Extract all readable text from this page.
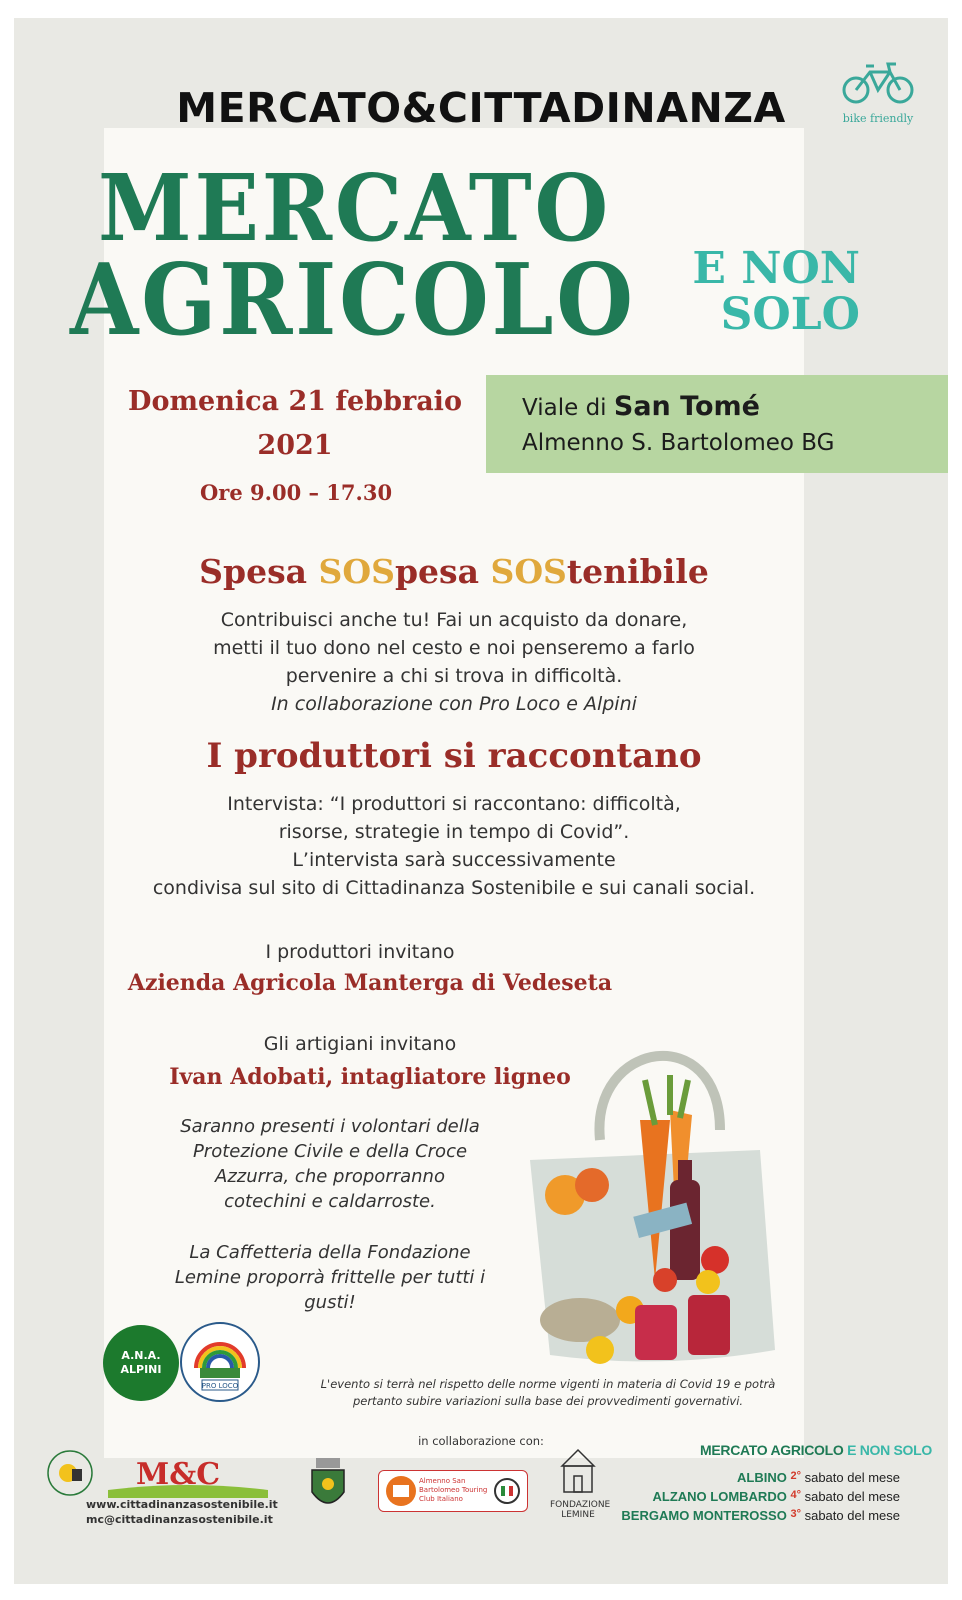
MERCATO&CITTADINANZA	bike friendly
MERCATO
AGRICOLO	E NON
SOLO
Domenica 21 febbraio
2021
Ore 9.00 – 17.30
Viale di San Tomé
Almenno S. Bartolomeo BG
Spesa SOSpesa SOStenibile
Contribuisci anche tu! Fai un acquisto da donare,
metti il tuo dono nel cesto e noi penseremo a farlo
pervenire a chi si trova in difficoltà.
In collaborazione con Pro Loco e Alpini
I produttori si raccontano
Intervista: “I produttori si raccontano: difficoltà,
risorse, strategie in tempo di Covid”.
L’intervista sarà successivamente
condivisa sul sito di Cittadinanza Sostenibile e sui canali social.
I produttori invitano
Azienda Agricola Manterga di Vedeseta
Gli artigiani invitano
Ivan Adobati, intagliatore ligneo
Saranno presenti i volontari della
Protezione Civile e della Croce
Azzurra, che proporranno
cotechini e caldarroste.
La Caffetteria della Fondazione
Lemine proporrà frittelle per tutti i
gusti!
A.N.A.
ALPINI
PRO LOCO	L'evento si terrà nel rispetto delle norme vigenti in materia di Covid 19 e potrà
pertanto subire variazioni sulla base dei provvedimenti governativi.
in collaborazione con:
M&C
www.cittadinanzasostenibile.it
mc@cittadinanzasostenibile.it
Almenno San Bartolomeo Touring Club Italiano
FONDAZIONE
LEMINE
MERCATO AGRICOLO E NON SOLO
ALBINO $^{2^\circ}$ sabato del mese
ALZANO LOMBARDO $^{4^\circ}$ sabato del mese
BERGAMO MONTEROSSO $^{3^\circ}$ sabato del mese
